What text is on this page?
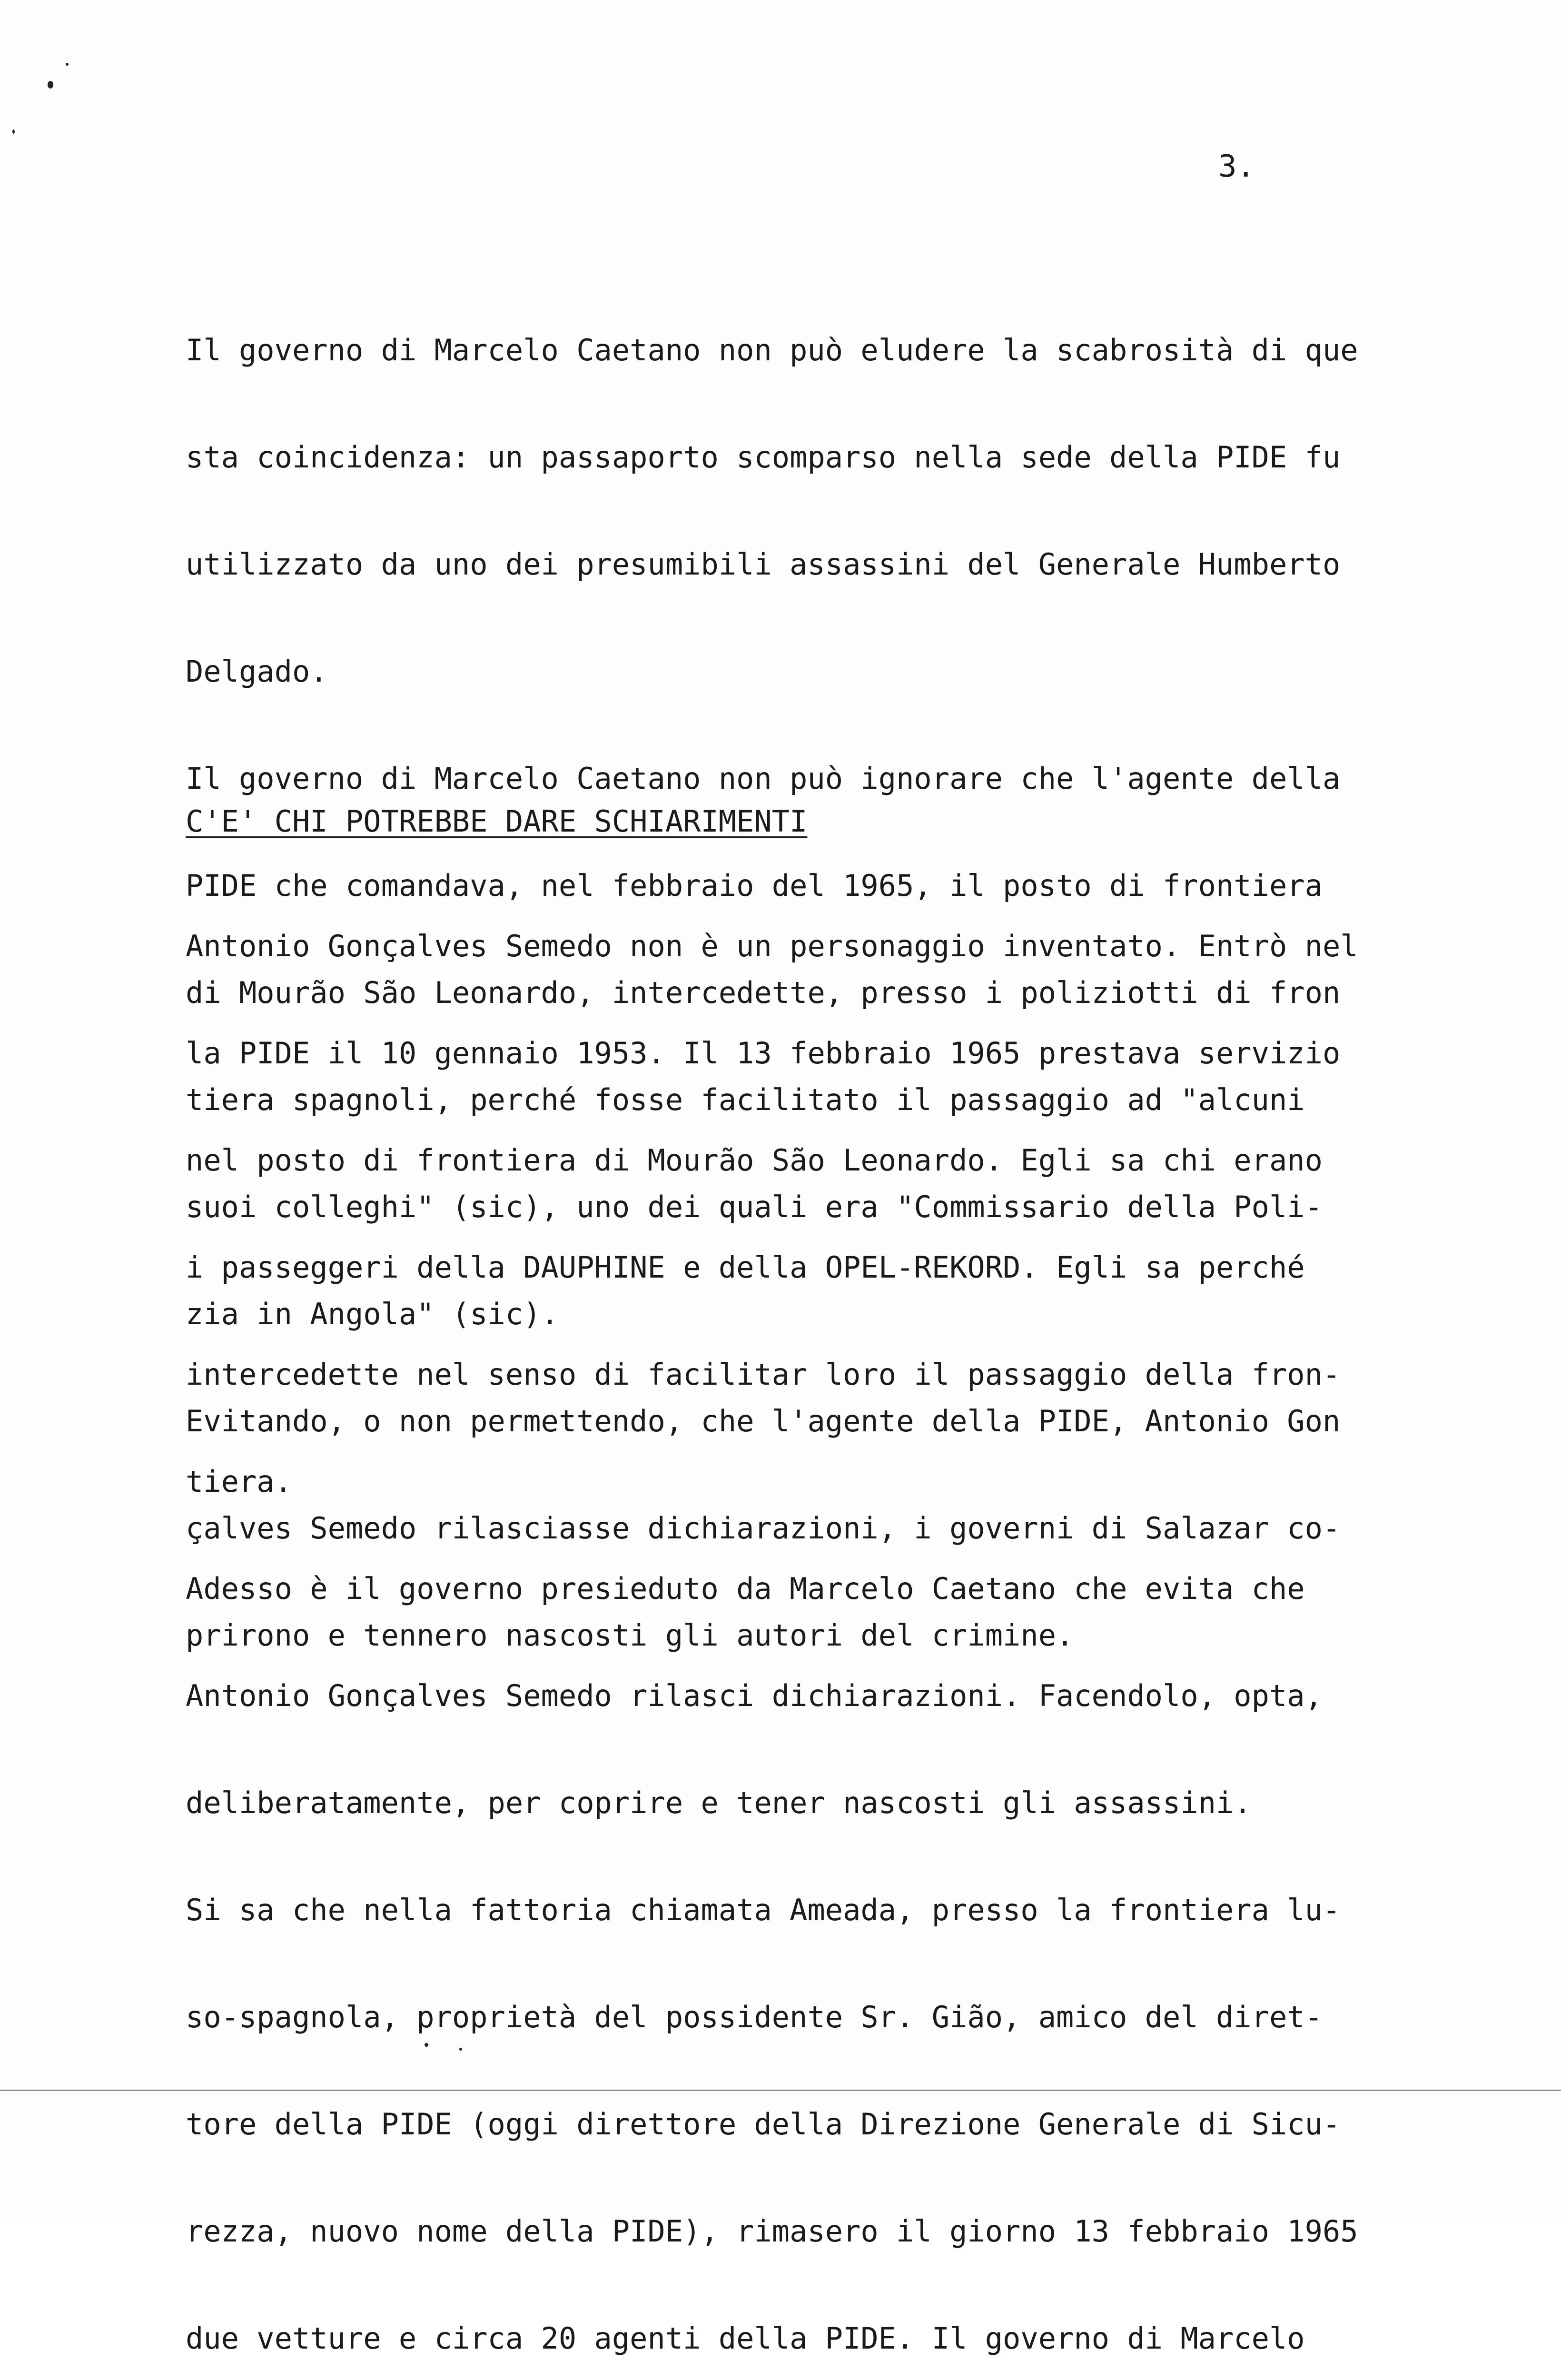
3.

Il governo di Marcelo Caetano non può eludere la scabrosità di que

sta coincidenza: un passaporto scomparso nella sede della PIDE fu

utilizzato da uno dei presumibili assassini del Generale Humberto

Delgado.

Il governo di Marcelo Caetano non può ignorare che l'agente della

PIDE che comandava, nel febbraio del 1965, il posto di frontiera

di Mourão São Leonardo, intercedette, presso i poliziotti di fron

tiera spagnoli, perché fosse facilitato il passaggio ad "alcuni

suoi colleghi" (sic), uno dei quali era "Commissario della Poli-

zia in Angola" (sic).

Evitando, o non permettendo, che l'agente della PIDE, Antonio Gon

çalves Semedo rilasciasse dichiarazioni, i governi di Salazar co-

prirono e tennero nascosti gli autori del crimine.

C'E' CHI POTREBBE DARE SCHIARIMENTI

Antonio Gonçalves Semedo non è un personaggio inventato. Entrò nel

la PIDE il 10 gennaio 1953. Il 13 febbraio 1965 prestava servizio

nel posto di frontiera di Mourão São Leonardo. Egli sa chi erano

i passeggeri della DAUPHINE e della OPEL-REKORD. Egli sa perché

intercedette nel senso di facilitar loro il passaggio della fron-

tiera.

Adesso è il governo presieduto da Marcelo Caetano che evita che

Antonio Gonçalves Semedo rilasci dichiarazioni. Facendolo, opta,

deliberatamente, per coprire e tener nascosti gli assassini.

Si sa che nella fattoria chiamata Ameada, presso la frontiera lu-

so-spagnola, proprietà del possidente Sr. Gião, amico del diret-

tore della PIDE (oggi direttore della Direzione Generale di Sicu-

rezza, nuovo nome della PIDE), rimasero il giorno 13 febbraio 1965

due vetture e circa 20 agenti della PIDE. Il governo di Marcelo
